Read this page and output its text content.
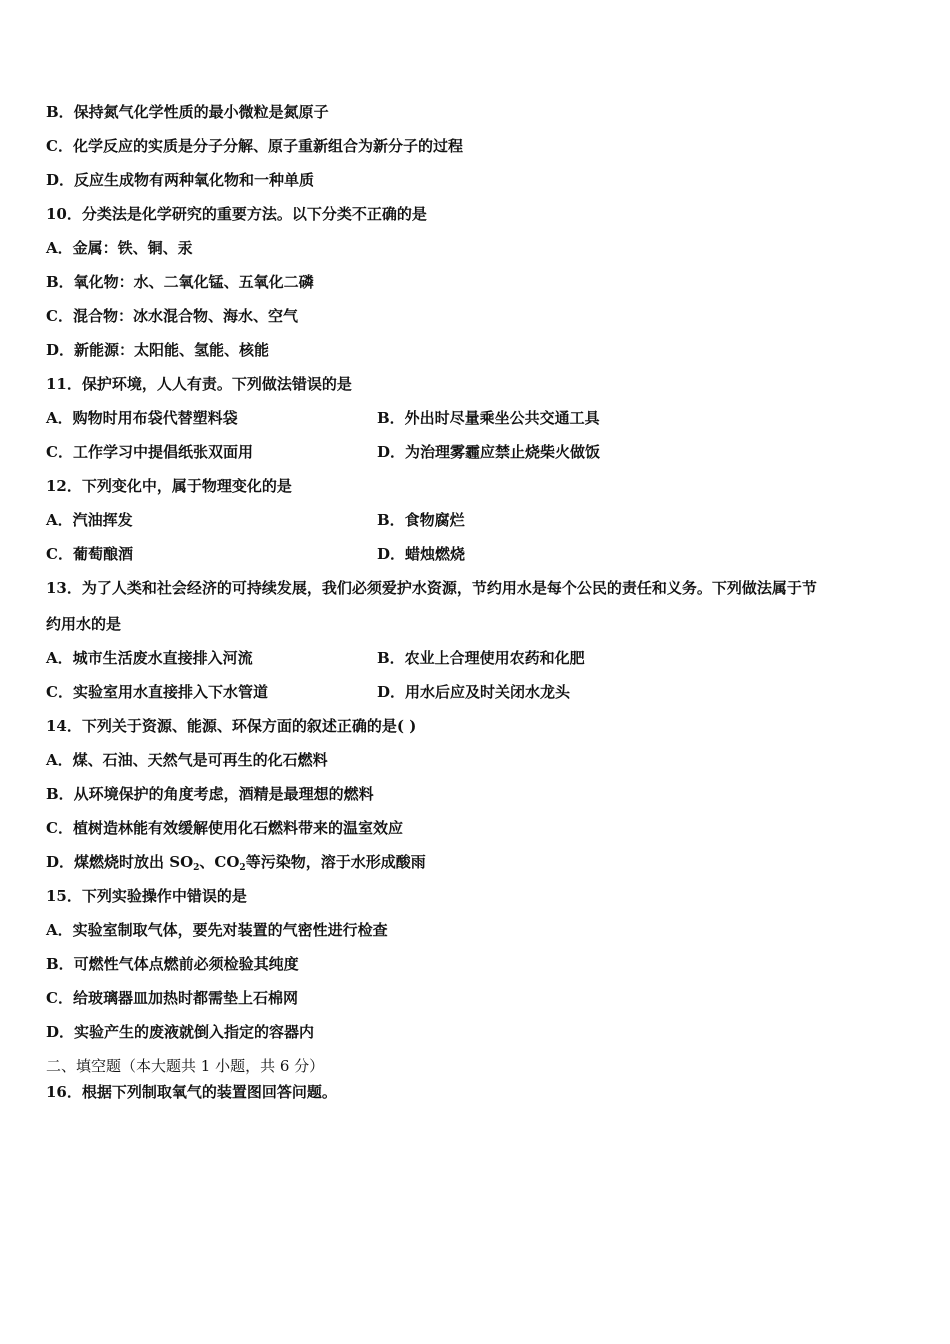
B．保持氮气化学性质的最小微粒是氮原子
C．化学反应的实质是分子分解、原子重新组合为新分子的过程
D．反应生成物有两种氧化物和一种单质
10．分类法是化学研究的重要方法。以下分类不正确的是
A．金属：铁、铜、汞
B．氧化物：水、二氧化锰、五氧化二磷
C．混合物：冰水混合物、海水、空气
D．新能源：太阳能、氢能、核能
11．保护环境，人人有责。下列做法错误的是
A．购物时用布袋代替塑料袋	B．外出时尽量乘坐公共交通工具
C．工作学习中提倡纸张双面用	D．为治理雾霾应禁止烧柴火做饭
12．下列变化中，属于物理变化的是
A．汽油挥发	B．食物腐烂
C．葡萄酿酒	D．蜡烛燃烧
13．为了人类和社会经济的可持续发展，我们必须爱护水资源，节约用水是每个公民的责任和义务。下列做法属于节
约用水的是
A．城市生活废水直接排入河流	B．农业上合理使用农药和化肥
C．实验室用水直接排入下水管道	D．用水后应及时关闭水龙头
14．下列关于资源、能源、环保方面的叙述正确的是( )
A．煤、石油、天然气是可再生的化石燃料
B．从环境保护的角度考虑，酒精是最理想的燃料
C．植树造林能有效缓解使用化石燃料带来的温室效应
D．煤燃烧时放出 $SO_2$、$CO_2$等污染物，溶于水形成酸雨
15．下列实验操作中错误的是
A．实验室制取气体，要先对装置的气密性进行检查
B．可燃性气体点燃前必须检验其纯度
C．给玻璃器皿加热时都需垫上石棉网
D．实验产生的废液就倒入指定的容器内
二、填空题（本大题共 1 小题，共 6 分）
16．根据下列制取氧气的装置图回答问题。
